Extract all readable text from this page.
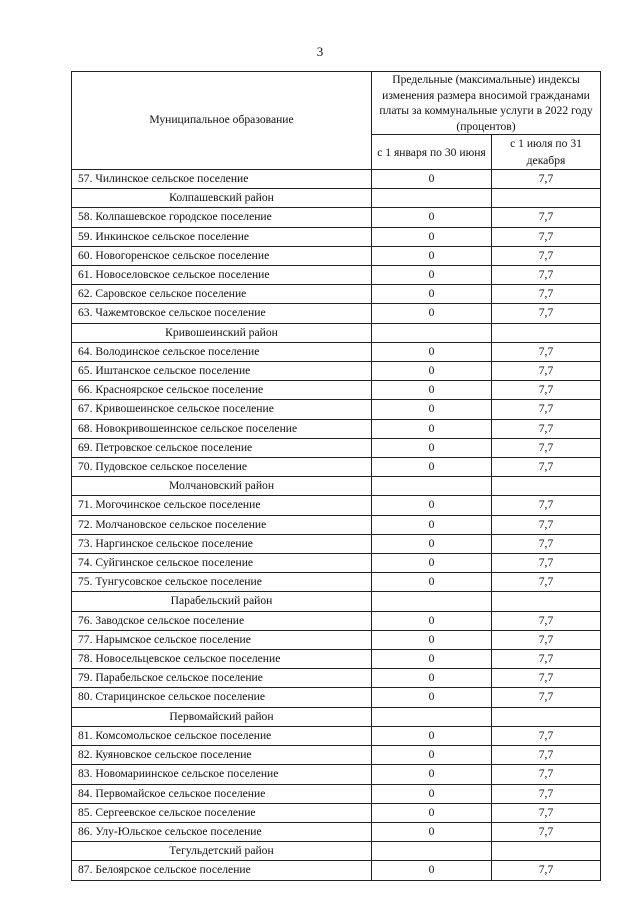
3
Муниципальное образование	Предельные (максимальные) индексы изменения размера вносимой гражданами платы за коммунальные услуги в 2022 году (процентов)	
	с 1 января по 30 июня	с 1 июля по 31 декабря
57. Чилинское сельское поселение	0	7,7
Колпашевский район		
58. Колпашевское городское поселение	0	7,7
59. Инкинское сельское поселение	0	7,7
60. Новогоренское сельское поселение	0	7,7
61. Новоселовское сельское поселение	0	7,7
62. Саровское сельское поселение	0	7,7
63. Чажемтовское сельское поселение	0	7,7
Кривошеинский район		
64. Володинское сельское поселение	0	7,7
65. Иштанское сельское поселение	0	7,7
66. Красноярское сельское поселение	0	7,7
67. Кривошеинское сельское поселение	0	7,7
68. Новокривошеинское сельское поселение	0	7,7
69. Петровское сельское поселение	0	7,7
70. Пудовское сельское поселение	0	7,7
Молчановский район		
71. Могочинское сельское поселение	0	7,7
72. Молчановское сельское поселение	0	7,7
73. Наргинское сельское поселение	0	7,7
74. Суйгинское сельское поселение	0	7,7
75. Тунгусовское сельское поселение	0	7,7
Парабельский район		
76. Заводское сельское поселение	0	7,7
77. Нарымское сельское поселение	0	7,7
78. Новосельцевское сельское поселение	0	7,7
79. Парабельское сельское поселение	0	7,7
80. Старицинское сельское поселение	0	7,7
Первомайский район		
81. Комсомольское сельское поселение	0	7,7
82. Куяновское сельское поселение	0	7,7
83. Новомариинское сельское поселение	0	7,7
84. Первомайское сельское поселение	0	7,7
85. Сергеевское сельское поселение	0	7,7
86. Улу-Юльское сельское поселение	0	7,7
Тегульдетский район		
87. Белоярское сельское поселение	0	7,7
